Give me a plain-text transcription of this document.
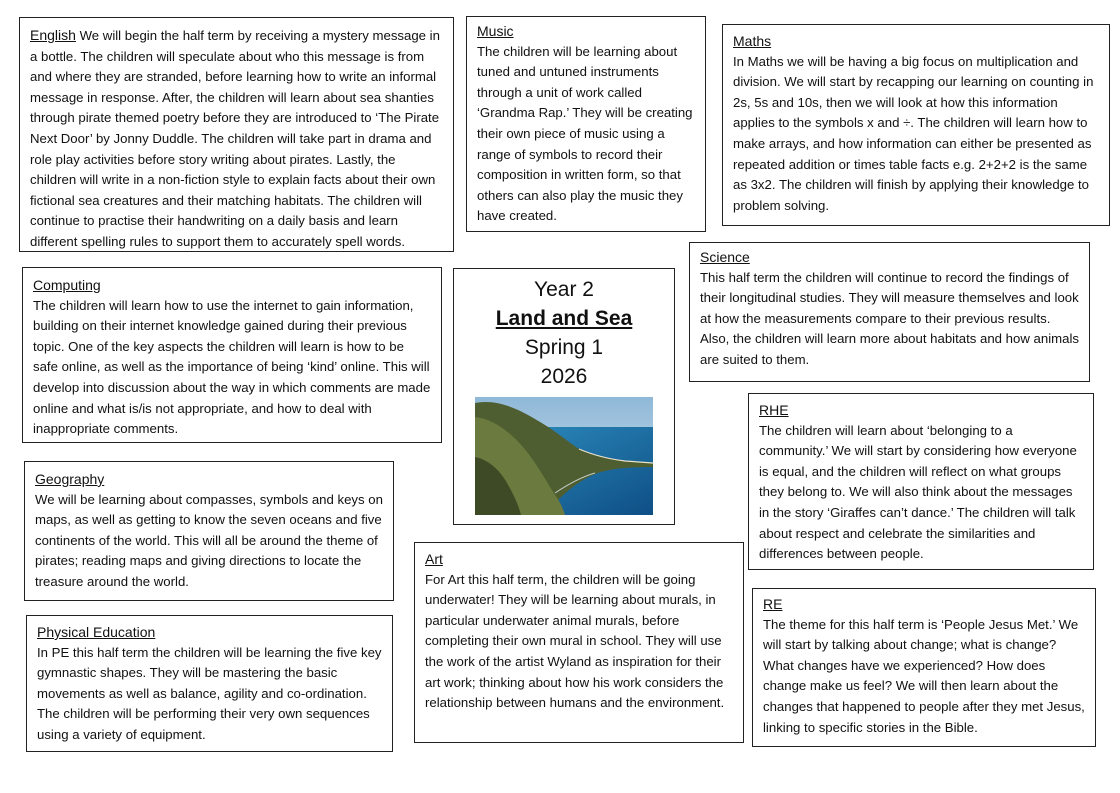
English We will begin the half term by receiving a mystery message in a bottle. The children will speculate about who this message is from and where they are stranded, before learning how to write an informal message in response. After, the children will learn about sea shanties through pirate themed poetry before they are introduced to ‘The Pirate Next Door’ by Jonny Duddle. The children will take part in drama and role play activities before story writing about pirates. Lastly, the children will write in a non-fiction style to explain facts about their own fictional sea creatures and their matching habitats. The children will continue to practise their handwriting on a daily basis and learn different spelling rules to support them to accurately spell words.

Music

The children will be learning about tuned and untuned instruments through a unit of work called ‘Grandma Rap.’ They will be creating their own piece of music using a range of symbols to record their composition in written form, so that others can also play the music they have created.

Maths

In Maths we will be having a big focus on multiplication and division. We will start by recapping our learning on counting in 2s, 5s and 10s, then we will look at how this information applies to the symbols x and ÷. The children will learn how to make arrays, and how information can either be presented as repeated addition or times table facts e.g. 2+2+2 is the same as 3x2. The children will finish by applying their knowledge to problem solving.

Computing

The children will learn how to use the internet to gain information, building on their internet knowledge gained during their previous topic. One of the key aspects the children will learn is how to be safe online, as well as the importance of being ‘kind’ online. This will develop into discussion about the way in which comments are made online and what is/is not appropriate, and how to deal with inappropriate comments.

Year 2
Land and Sea
Spring 1
2026
Science

This half term the children will continue to record the findings of their longitudinal studies. They will measure themselves and look at how the measurements compare to their previous results. Also, the children will learn more about habitats and how animals are suited to them.

RHE

The children will learn about ‘belonging to a community.’ We will start by considering how everyone is equal, and the children will reflect on what groups they belong to. We will also think about the messages in the story ‘Giraffes can’t dance.’ The children will talk about respect and celebrate the similarities and differences between people.

Geography

We will be learning about compasses, symbols and keys on maps, as well as getting to know the seven oceans and five continents of the world. This will all be around the theme of pirates; reading maps and giving directions to locate the treasure around the world.

Art

For Art this half term, the children will be going underwater! They will be learning about murals, in particular underwater animal murals, before completing their own mural in school. They will use the work of the artist Wyland as inspiration for their art work; thinking about how his work considers the relationship between humans and the environment.

RE

The theme for this half term is ‘People Jesus Met.’ We will start by talking about change; what is change? What changes have we experienced? How does change make us feel? We will then learn about the changes that happened to people after they met Jesus, linking to specific stories in the Bible.

Physical Education

In PE this half term the children will be learning the five key gymnastic shapes. They will be mastering the basic movements as well as balance, agility and co-ordination. The children will be performing their very own sequences using a variety of equipment.
